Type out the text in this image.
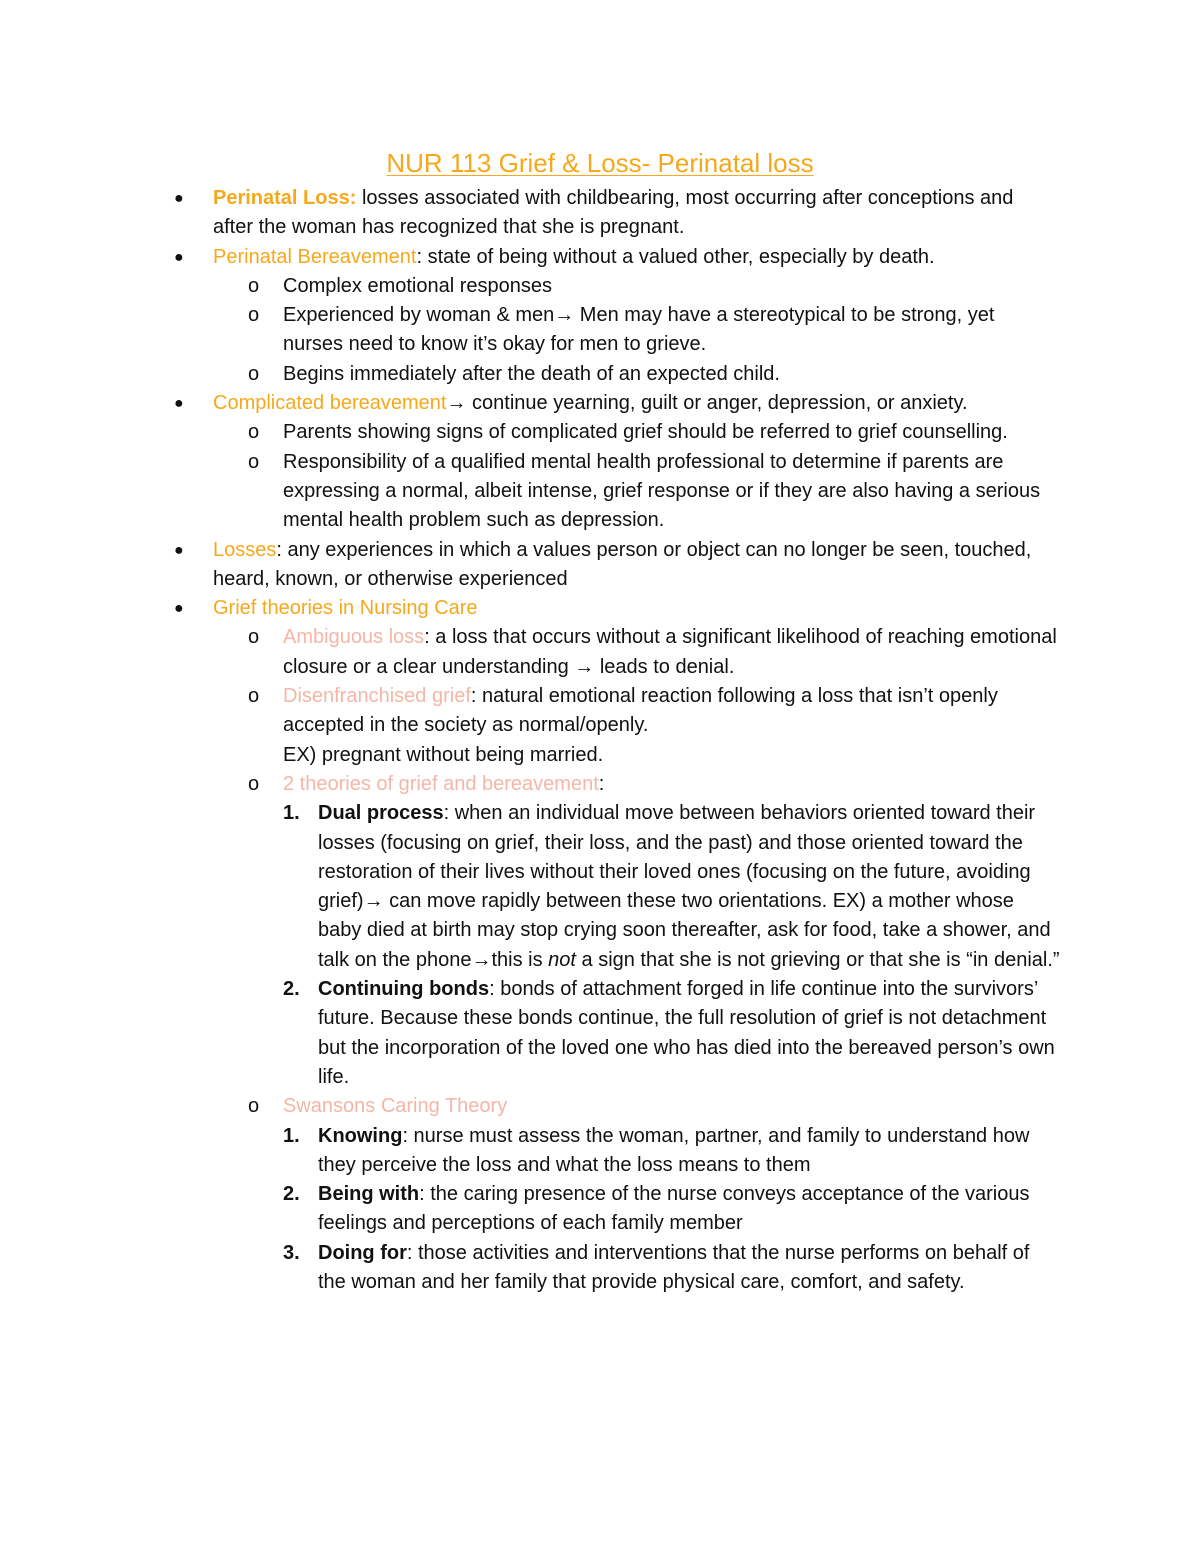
NUR 113 Grief & Loss- Perinatal loss

● Perinatal Loss: losses associated with childbearing, most occurring after conceptions and after the woman has recognized that she is pregnant.

● Perinatal Bereavement: state of being without a valued other, especially by death.

o Complex emotional responses

o Experienced by woman & men→ Men may have a stereotypical to be strong, yet nurses need to know it’s okay for men to grieve.

o Begins immediately after the death of an expected child.

● Complicated bereavement→ continue yearning, guilt or anger, depression, or anxiety.

o Parents showing signs of complicated grief should be referred to grief counselling.

o Responsibility of a qualified mental health professional to determine if parents are expressing a normal, albeit intense, grief response or if they are also having a serious mental health problem such as depression.

● Losses: any experiences in which a values person or object can no longer be seen, touched, heard, known, or otherwise experienced

● Grief theories in Nursing Care

o Ambiguous loss: a loss that occurs without a significant likelihood of reaching emotional closure or a clear understanding → leads to denial.

o Disenfranchised grief: natural emotional reaction following a loss that isn’t openly accepted in the society as normal/openly.

EX) pregnant without being married.

o 2 theories of grief and bereavement:

1. Dual process: when an individual move between behaviors oriented toward their losses (focusing on grief, their loss, and the past) and those oriented toward the restoration of their lives without their loved ones (focusing on the future, avoiding grief)→ can move rapidly between these two orientations. EX) a mother whose baby died at birth may stop crying soon thereafter, ask for food, take a shower, and talk on the phone→this is not a sign that she is not grieving or that she is “in denial.”

2. Continuing bonds: bonds of attachment forged in life continue into the survivors’ future. Because these bonds continue, the full resolution of grief is not detachment but the incorporation of the loved one who has died into the bereaved person’s own life.

o Swansons Caring Theory

1. Knowing: nurse must assess the woman, partner, and family to understand how they perceive the loss and what the loss means to them

2. Being with: the caring presence of the nurse conveys acceptance of the various feelings and perceptions of each family member

3. Doing for: those activities and interventions that the nurse performs on behalf of the woman and her family that provide physical care, comfort, and safety.
